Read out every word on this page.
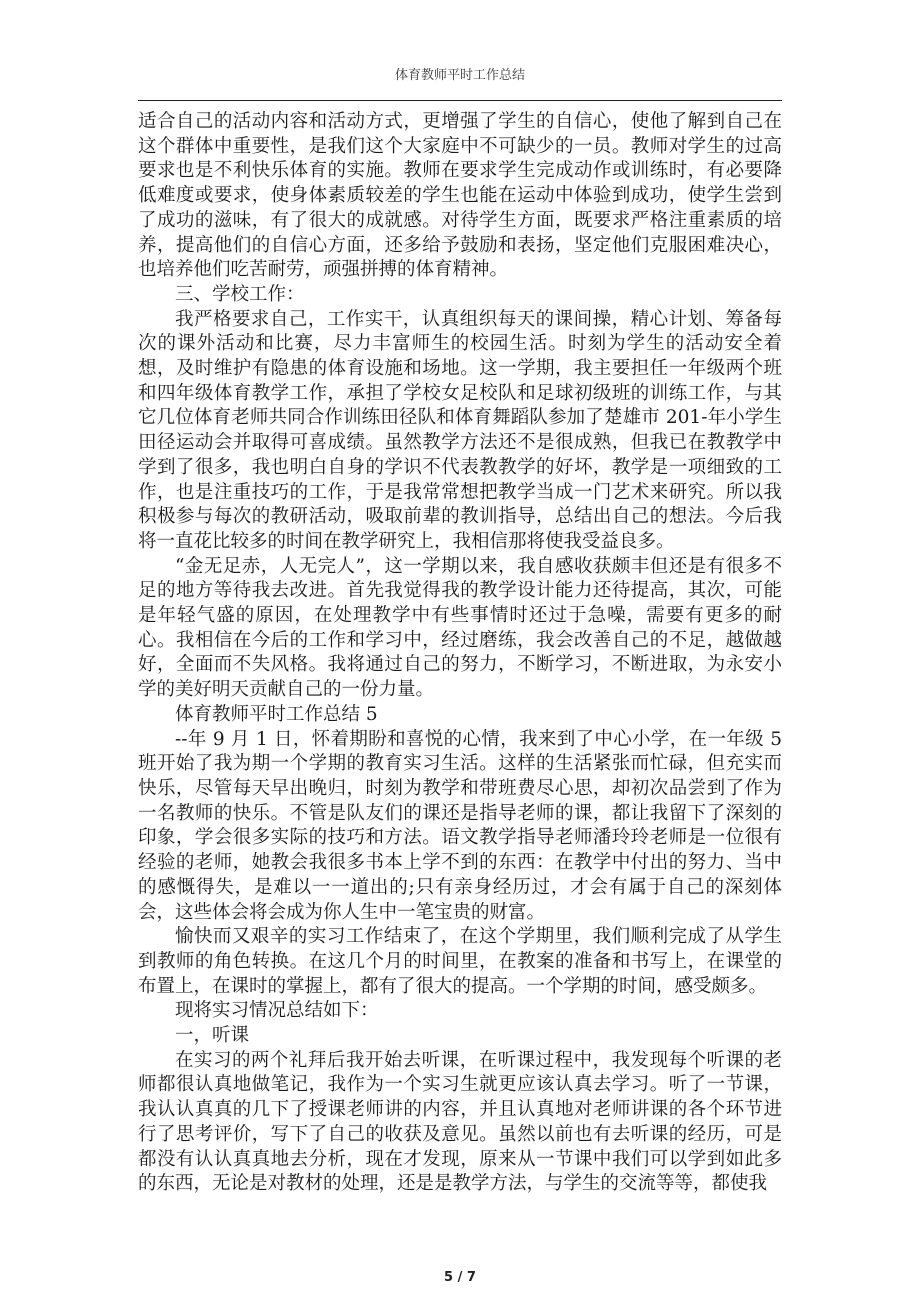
体育教师平时工作总结

适合自己的活动内容和活动方式，更增强了学生的自信心，使他了解到自己在这个群体中重要性，是我们这个大家庭中不可缺少的一员。教师对学生的过高要求也是不利快乐体育的实施。教师在要求学生完成动作或训练时，有必要降低难度或要求，使身体素质较差的学生也能在运动中体验到成功，使学生尝到了成功的滋味，有了很大的成就感。对待学生方面，既要求严格注重素质的培养，提高他们的自信心方面，还多给予鼓励和表扬，坚定他们克服困难决心，也培养他们吃苦耐劳，顽强拼搏的体育精神。

三、学校工作：

我严格要求自己，工作实干，认真组织每天的课间操，精心计划、筹备每次的课外活动和比赛，尽力丰富师生的校园生活。时刻为学生的活动安全着想，及时维护有隐患的体育设施和场地。这一学期，我主要担任一年级两个班和四年级体育教学工作，承担了学校女足校队和足球初级班的训练工作，与其它几位体育老师共同合作训练田径队和体育舞蹈队参加了楚雄市 201-年小学生田径运动会并取得可喜成绩。虽然教学方法还不是很成熟，但我已在教教学中学到了很多，我也明白自身的学识不代表教教学的好坏，教学是一项细致的工作，也是注重技巧的工作，于是我常常想把教学当成一门艺术来研究。所以我积极参与每次的教研活动，吸取前辈的教训指导，总结出自己的想法。今后我将一直花比较多的时间在教学研究上，我相信那将使我受益良多。

“金无足赤，人无完人”，这一学期以来，我自感收获颇丰但还是有很多不足的地方等待我去改进。首先我觉得我的教学设计能力还待提高，其次，可能是年轻气盛的原因，在处理教学中有些事情时还过于急噪，需要有更多的耐心。我相信在今后的工作和学习中，经过磨练，我会改善自己的不足，越做越好，全面而不失风格。我将通过自己的努力，不断学习，不断进取，为永安小学的美好明天贡献自己的一份力量。

体育教师平时工作总结 5

--年 9 月 1 日，怀着期盼和喜悦的心情，我来到了中心小学，在一年级 5 班开始了我为期一个学期的教育实习生活。这样的生活紧张而忙碌，但充实而快乐，尽管每天早出晚归，时刻为教学和带班费尽心思，却初次品尝到了作为一名教师的快乐。不管是队友们的课还是指导老师的课，都让我留下了深刻的印象，学会很多实际的技巧和方法。语文教学指导老师潘玲玲老师是一位很有经验的老师，她教会我很多书本上学不到的东西：在教学中付出的努力、当中的感慨得失，是难以一一道出的;只有亲身经历过，才会有属于自己的深刻体会，这些体会将会成为你人生中一笔宝贵的财富。

愉快而又艰辛的实习工作结束了，在这个学期里，我们顺利完成了从学生到教师的角色转换。在这几个月的时间里，在教案的准备和书写上，在课堂的布置上，在课时的掌握上，都有了很大的提高。一个学期的时间，感受颇多。

现将实习情况总结如下：

一，听课

在实习的两个礼拜后我开始去听课，在听课过程中，我发现每个听课的老师都很认真地做笔记，我作为一个实习生就更应该认真去学习。听了一节课，我认认真真的几下了授课老师讲的内容，并且认真地对老师讲课的各个环节进行了思考评价，写下了自己的收获及意见。虽然以前也有去听课的经历，可是都没有认认真真地去分析，现在才发现，原来从一节课中我们可以学到如此多的东西，无论是对教材的处理，还是是教学方法，与学生的交流等等，都使我

5 / 7
